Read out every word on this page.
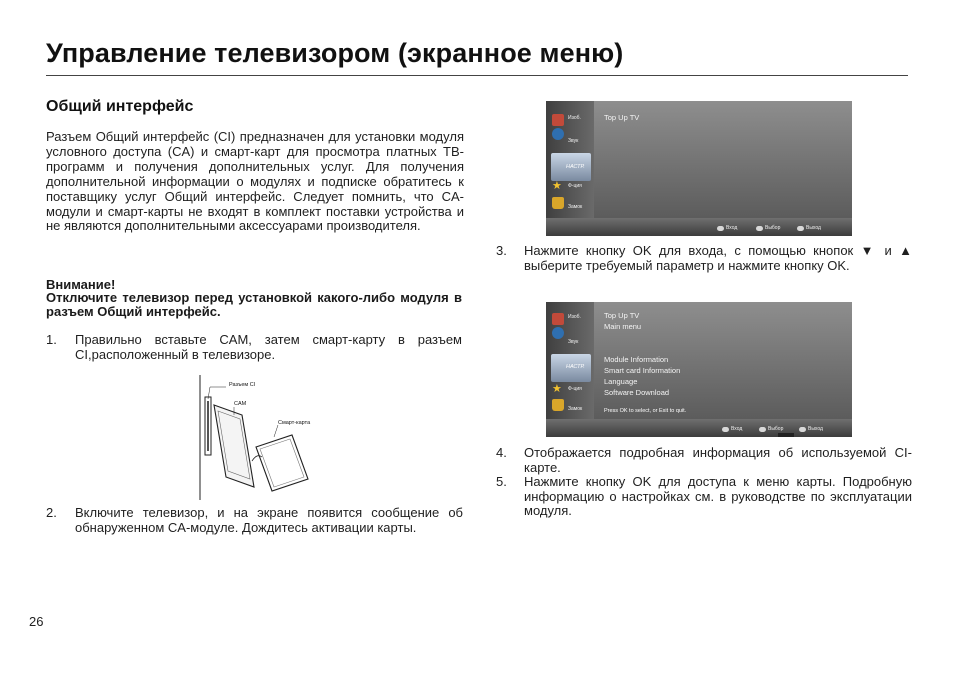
Управление телевизором (экранное меню)
Общий интерфейс
Разъем Общий интерфейс (CI) предназначен для установки модуля условного доступа (CA) и смарт-карт для просмотра платных ТВ-программ и получения дополнительных услуг. Для получения дополнительной информации о модулях и подписке обратитесь к поставщику услуг Общий интерфейс. Следует помнить, что CA-модули и смарт-карты не входят в комплект поставки устройства и не являются дополнительными аксессуарами производителя.
Внимание!
Отключите телевизор перед установкой какого-либо модуля в разъем Общий интерфейс.
1. Правильно вставьте CAM, затем смарт-карту в разъем CI,расположенный в телевизоре.
Разъем CI
CAM
Смарт-карта
2. Включите телевизор, и на экране появится сообщение об обнаруженном CA-модуле. Дождитесь активации карты.
Изоб.
Звук
НАСТР.
★ Ф-ция
Замок
Top Up TV
Вход	Выбор	Выход
3. Нажмите кнопку OK для входа, с помощью кнопок ▼ и ▲ выберите требуемый параметр и нажмите кнопку OK.
Изоб.
Звук
НАСТР.
★ Ф-ция
Замок
Top Up TV
Main menu
Module Information
Smart card Information
Language
Software Download
Press OK to select, or Exit to quit.
Вход	Выбор	Выход
4. Отображается подробная информация об используемой CI-карте.
5. Нажмите кнопку OK для доступа к меню карты. Подробную информацию о настройках см. в руководстве по эксплуатации модуля.
26
